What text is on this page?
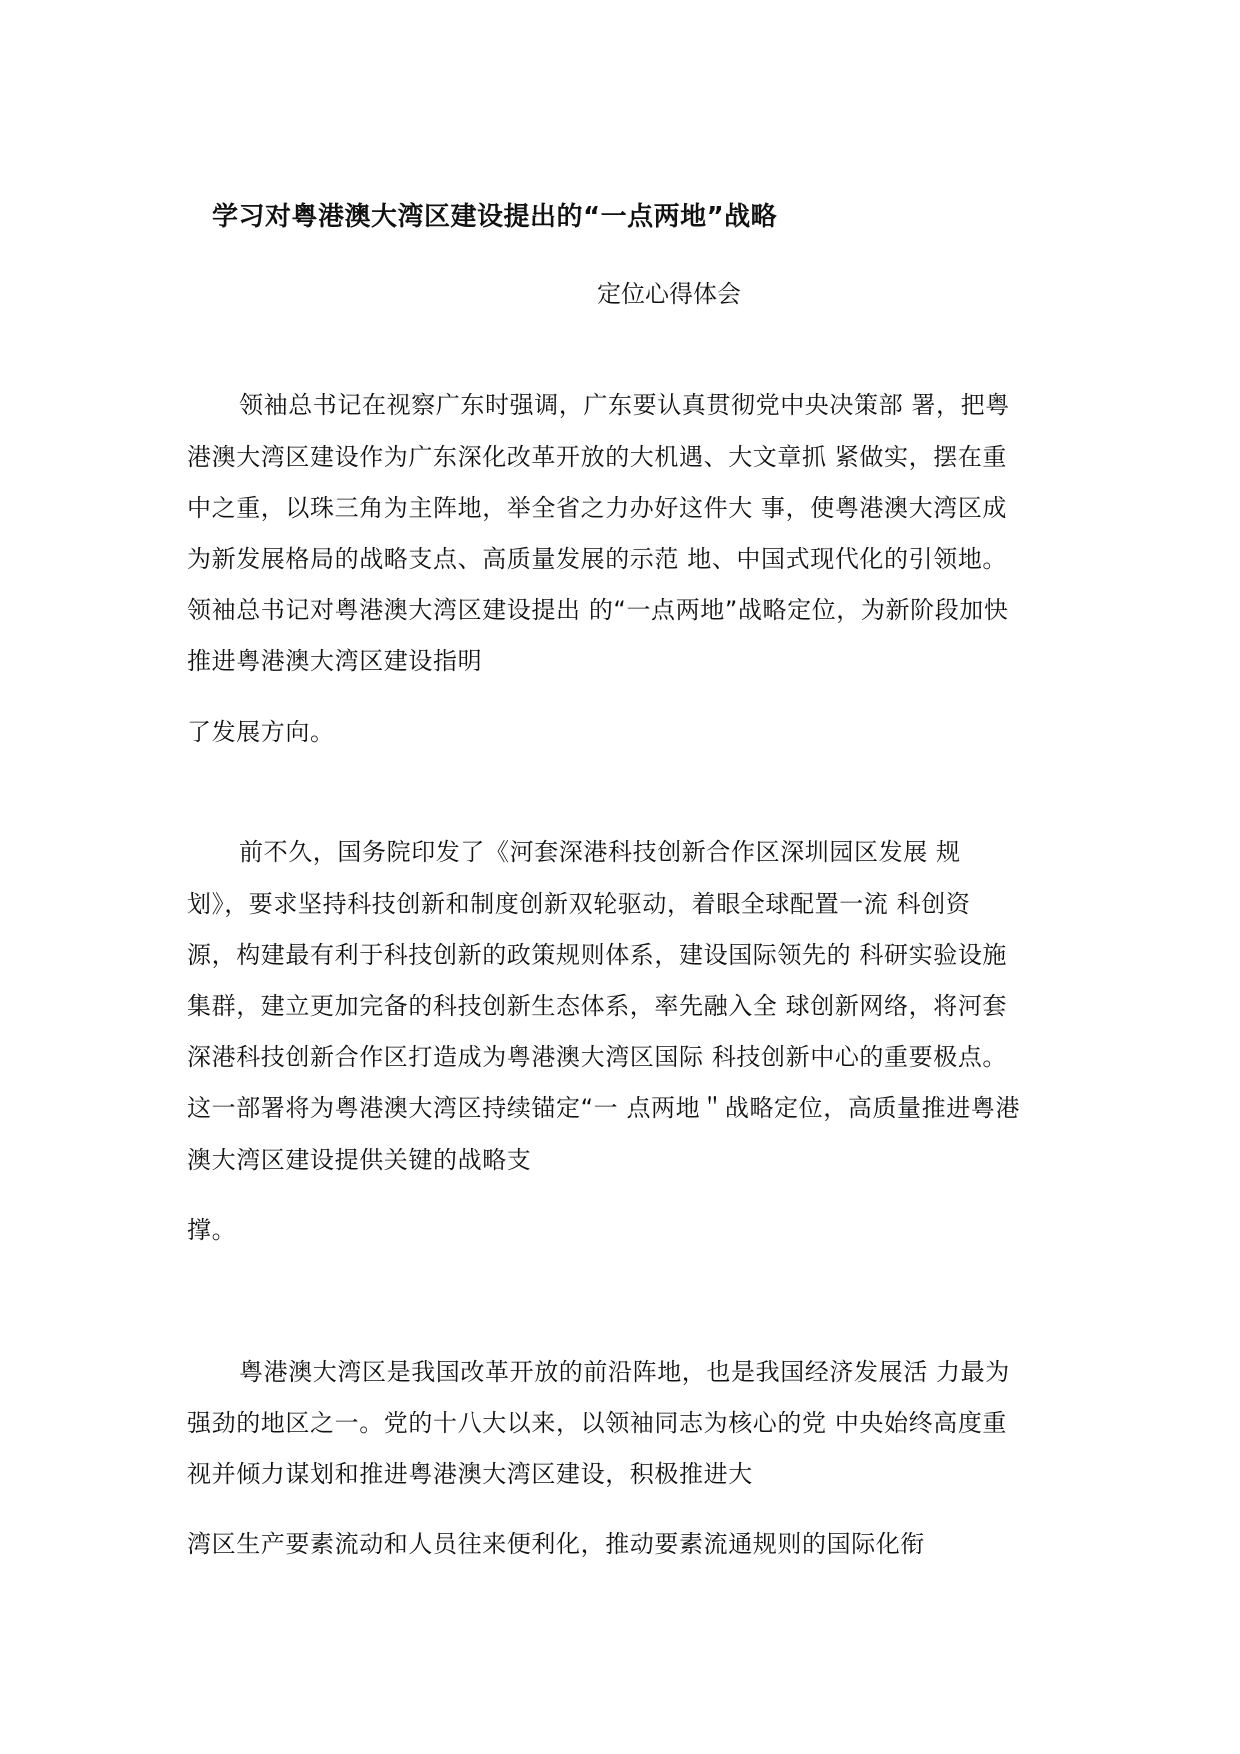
学习对粤港澳大湾区建设提出的“一点两地”战略
定位心得体会
领袖总书记在视察广东时强调，广东要认真贯彻党中央决策部 署，把粤
港澳大湾区建设作为广东深化改革开放的大机遇、大文章抓 紧做实，摆在重
中之重，以珠三角为主阵地，举全省之力办好这件大 事，使粤港澳大湾区成
为新发展格局的战略支点、高质量发展的示范 地、中国式现代化的引领地。
领袖总书记对粤港澳大湾区建设提出 的“一点两地”战略定位，为新阶段加快
推进粤港澳大湾区建设指明
了发展方向。
前不久，国务院印发了《河套深港科技创新合作区深圳园区发展 规
划》，要求坚持科技创新和制度创新双轮驱动，着眼全球配置一流 科创资
源，构建最有利于科技创新的政策规则体系，建设国际领先的 科研实验设施
集群，建立更加完备的科技创新生态体系，率先融入全 球创新网络，将河套
深港科技创新合作区打造成为粤港澳大湾区国际 科技创新中心的重要极点。
这一部署将为粤港澳大湾区持续锚定“一 点两地＂战略定位，高质量推进粤港
澳大湾区建设提供关键的战略支
撑。
粤港澳大湾区是我国改革开放的前沿阵地，也是我国经济发展活 力最为
强劲的地区之一。党的十八大以来，以领袖同志为核心的党 中央始终高度重
视并倾力谋划和推进粤港澳大湾区建设，积极推进大
湾区生产要素流动和人员往来便利化，推动要素流通规则的国际化衔
